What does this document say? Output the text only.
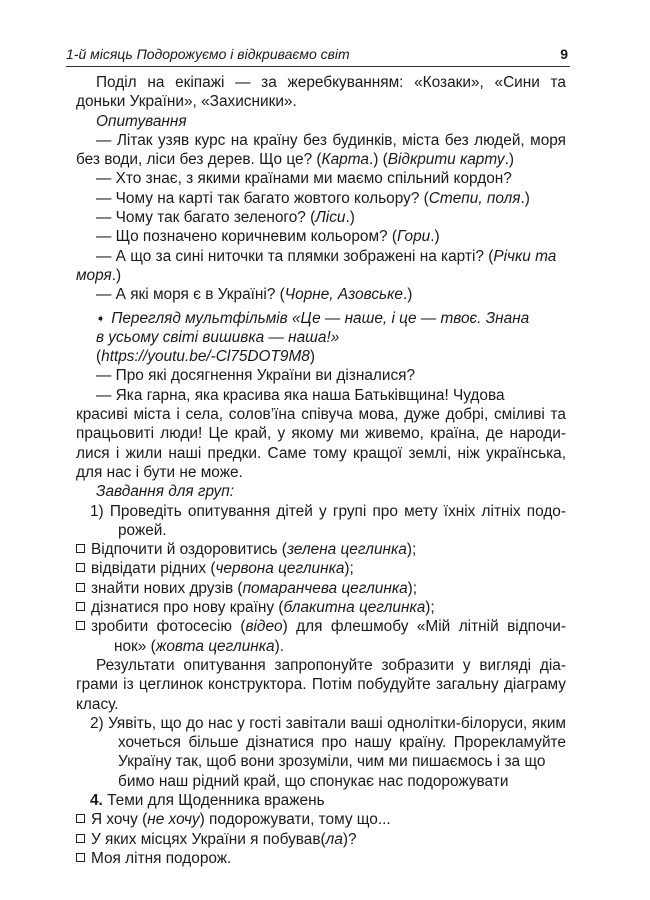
1-й місяць Подорожуємо і відкриваємо світ	9
Поділ на екіпажі — за жеребкуванням: «Козаки», «Сини та
доньки України», «Захисники».
Опитування
— Літак узяв курс на країну без будинків, міста без людей, моря
без води, ліси без дерев. Що це? (Карта.) (Відкрити карту.)
— Хто знає, з якими країнами ми маємо спільний кордон?
— Чому на карті так багато жовтого кольору? (Степи, поля.)
— Чому так багато зеленого? (Ліси.)
— Що позначено коричневим кольором? (Гори.)
— А що за сині ниточки та плямки зображені на карті? (Річки та
моря.)
— А які моря є в Україні? (Чорне, Азовське.)
➧ Перегляд мультфільмів «Це — наше, і це — твоє. Знана
в усьому світі вишивка — наша!»
(https://youtu.be/-Cl75DOT9M8)
— Про які досягнення України ви дізналися?
— Яка гарна, яка красива яка наша Батьківщина! Чудова
красиві міста і села, солов’їна співуча мова, дуже добрі, сміливі та
працьовиті люди! Це край, у якому ми живемо, країна, де народи-
лися і жили наші предки. Саме тому кращої землі, ніж українська,
для нас і бути не може.
Завдання для груп:
1) Проведіть опитування дітей у групі про мету їхніх літніх подо-
рожей.
Відпочити й оздоровитись (зелена цеглинка);
відвідати рідних (червона цеглинка);
знайти нових друзів (помаранчева цеглинка);
дізнатися про нову країну (блакитна цеглинка);
зробити фотосесію (відео) для флешмобу «Мій літній відпочи-
нок» (жовта цеглинка).
Результати опитування запропонуйте зобразити у вигляді діа-
грами із цеглинок конструктора. Потім побудуйте загальну діаграму
класу.
2) Уявіть, що до нас у гості завітали ваші однолітки-білоруси, яким
хочеться більше дізнатися про нашу країну. Прорекламуйте
Україну так, щоб вони зрозуміли, чим ми пишаємось і за що
бимо наш рідний край, що спонукає нас подорожувати
4. Теми для Щоденника вражень
Я хочу (не хочу) подорожувати, тому що...
У яких місцях України я побував(ла)?
Моя літня подорож.
